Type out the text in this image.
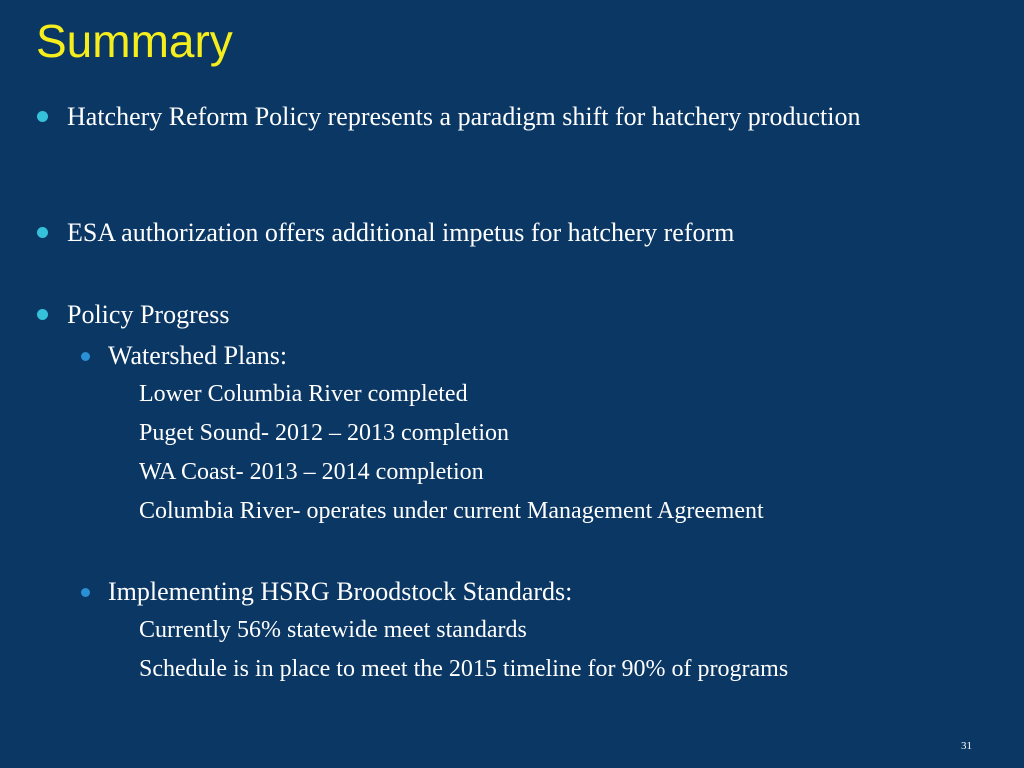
Summary
Hatchery Reform Policy represents a paradigm shift for hatchery production
ESA authorization offers additional impetus for hatchery reform
Policy Progress
Watershed Plans:
Lower Columbia River completed
Puget Sound- 2012 – 2013 completion
WA Coast- 2013 – 2014 completion
Columbia River- operates under current Management Agreement
Implementing HSRG Broodstock Standards:
Currently 56% statewide meet standards
Schedule is in place to meet the 2015 timeline for 90% of programs
31
